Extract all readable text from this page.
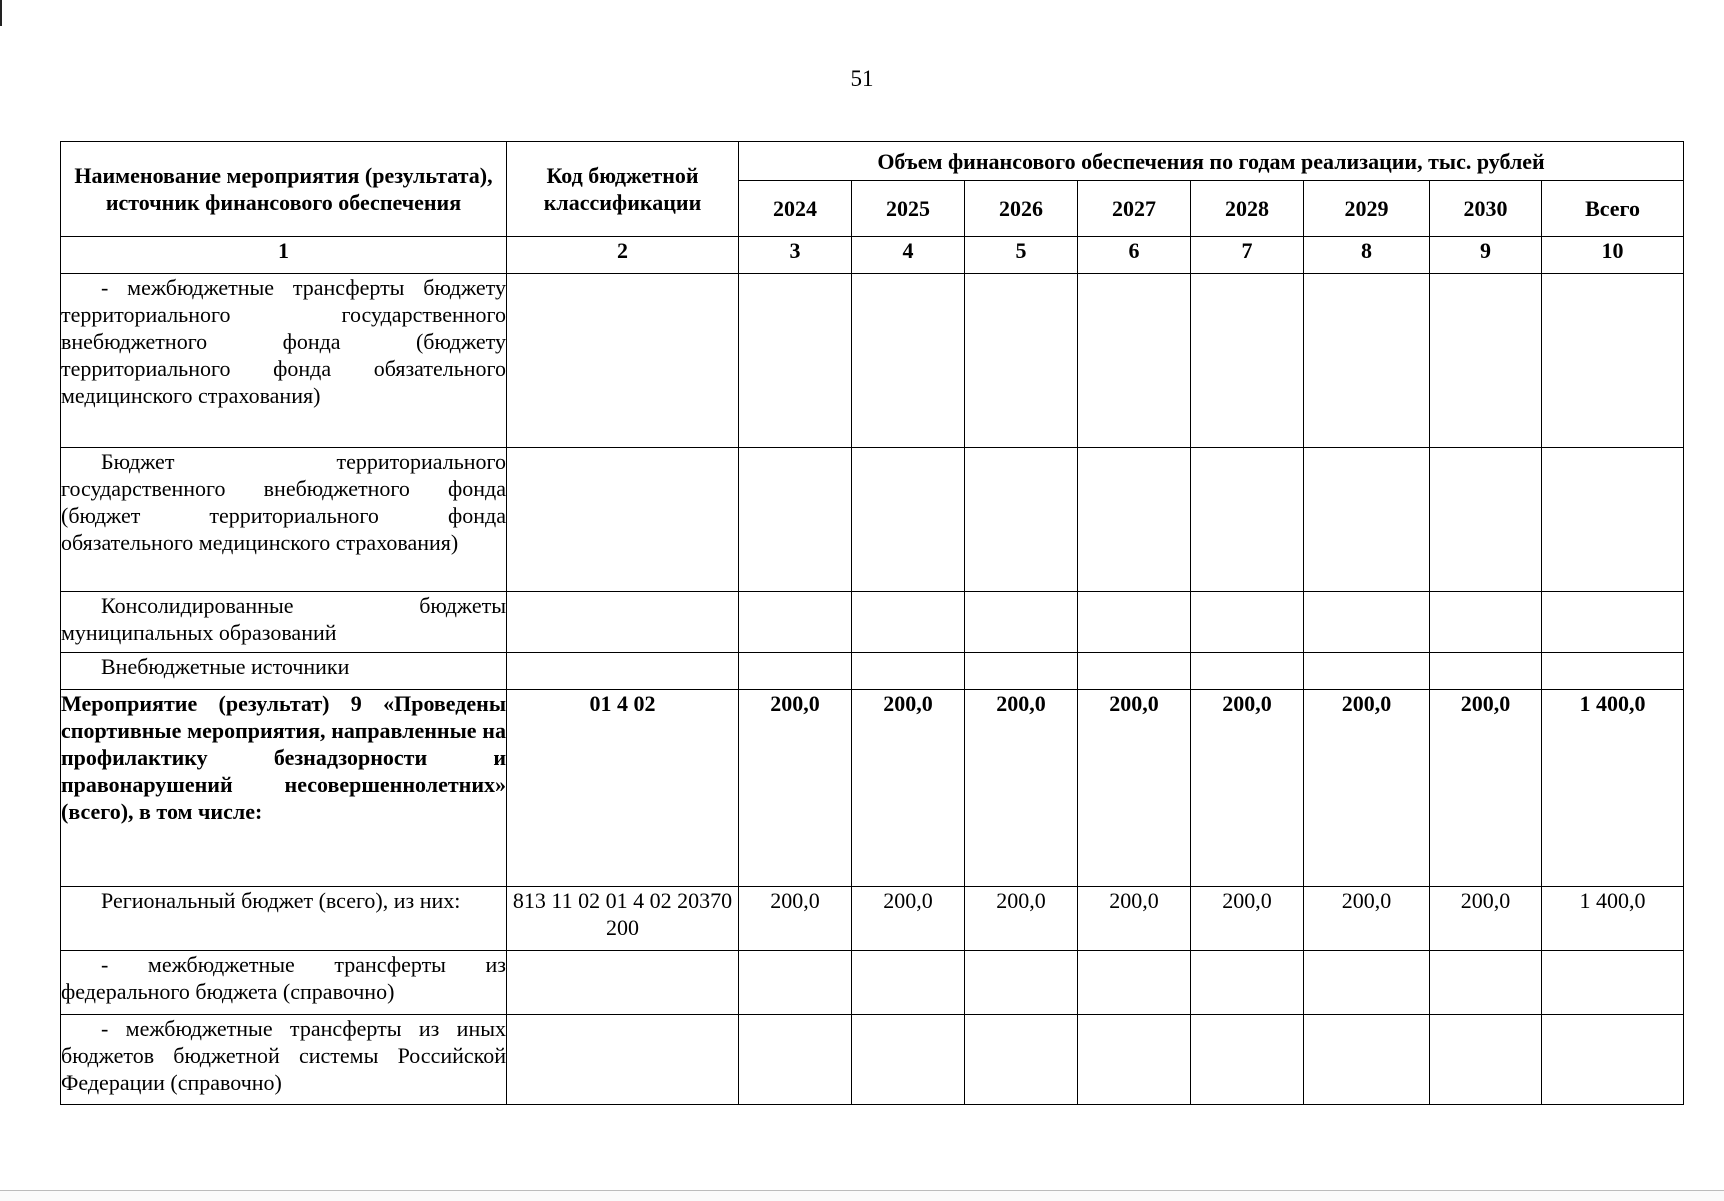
51
Наименование мероприятия (результата), источник финансового обеспечения	Код бюджетной классификации	Объем финансового обеспечения по годам реализации, тыс. рублей							
		2024	2025	2026	2027	2028	2029	2030	Всего
1	2	3	4	5	6	7	8	9	10
- межбюджетные трансферты бюджету территориального государственного внебюджетного фонда (бюджету территориального фонда обязательного медицинского страхования)									
Бюджет территориального государственного внебюджетного фонда (бюджет территориального фонда обязательного медицинского страхования)									
Консолидированные бюджеты муниципальных образований									
Внебюджетные источники									
Мероприятие (результат) 9 «Проведены спортивные мероприятия, направленные на профилактику безнадзорности и правонарушений несовершеннолетних» (всего), в том числе:	01 4 02	200,0	200,0	200,0	200,0	200,0	200,0	200,0	1 400,0
Региональный бюджет (всего), из них:	813 11 02 01 4 02 20370 200	200,0	200,0	200,0	200,0	200,0	200,0	200,0	1 400,0
- межбюджетные трансферты из федерального бюджета (справочно)									
- межбюджетные трансферты из иных бюджетов бюджетной системы Российской Федерации (справочно)									
